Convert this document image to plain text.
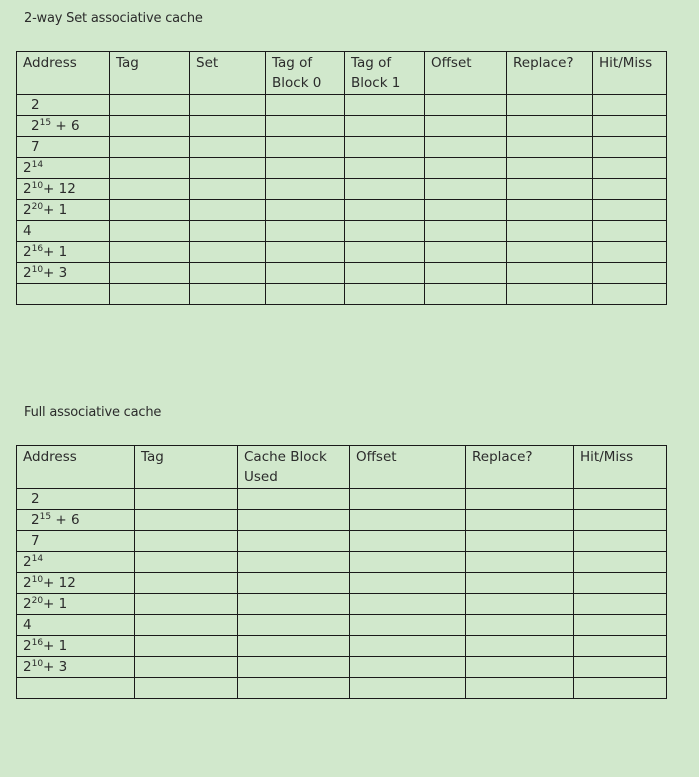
2-way Set associative cache
Address	Tag	Set	Tag of Block 0	Tag of Block 1	Offset	Replace?	Hit/Miss
2							
$2^{15} + 6$							
7							
$2^{14}$							
$2^{10}+ 12$							
$2^{20}+ 1$							
4							
$2^{16}+ 1$							
$2^{10}+ 3$							

Full associative cache
Address	Tag	Cache Block Used	Offset	Replace?	Hit/Miss
2					
$2^{15} + 6$					
7					
$2^{14}$					
$2^{10}+ 12$					
$2^{20}+ 1$					
4					
$2^{16}+ 1$					
$2^{10}+ 3$					
